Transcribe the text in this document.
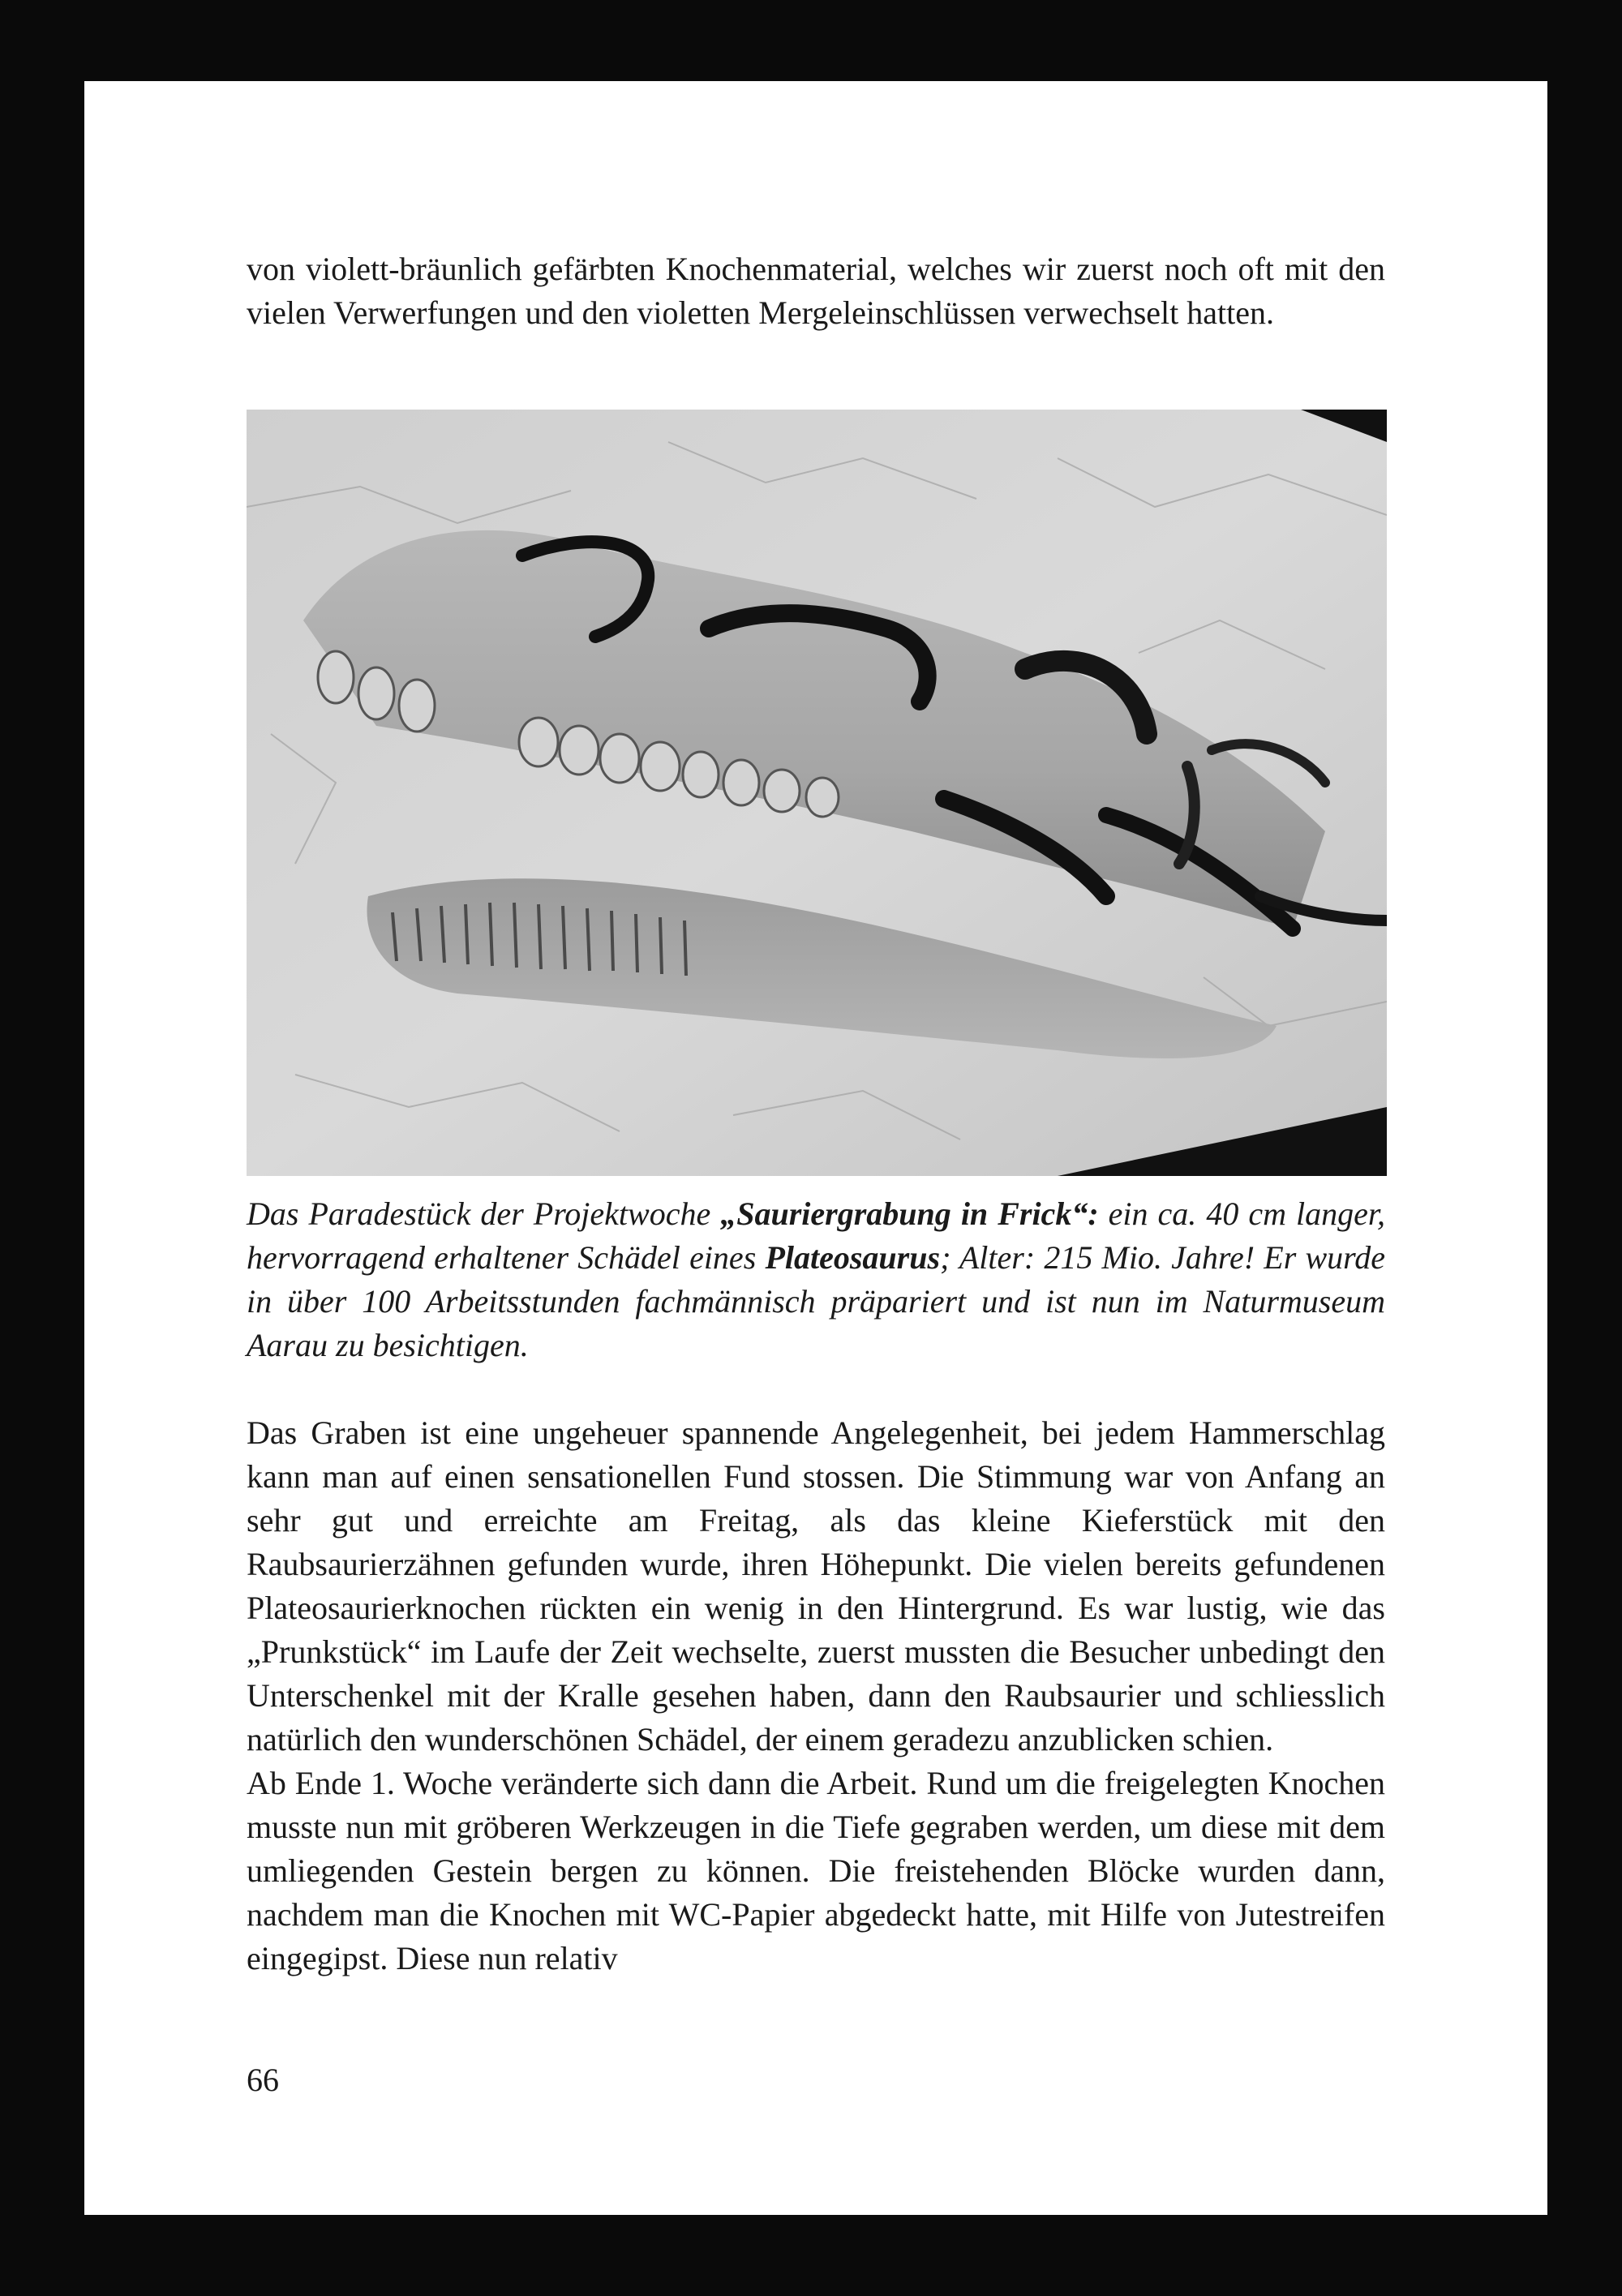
von violett-bräunlich gefärbten Knochenmaterial, welches wir zuerst noch oft mit den vielen Verwerfungen und den violetten Mergeleinschlüssen verwechselt hatten.

Das Paradestück der Projektwoche „Sauriergrabung in Frick“: ein ca. 40 cm langer, hervorragend erhaltener Schädel eines Plateosaurus; Alter: 215 Mio. Jahre! Er wurde in über 100 Arbeitsstunden fachmännisch präpariert und ist nun im Naturmuseum Aarau zu besichtigen.

Das Graben ist eine ungeheuer spannende Angelegenheit, bei jedem Hammerschlag kann man auf einen sensationellen Fund stossen. Die Stimmung war von Anfang an sehr gut und erreichte am Freitag, als das kleine Kieferstück mit den Raubsaurierzähnen gefunden wurde, ihren Höhepunkt. Die vielen bereits gefundenen Plateosaurierknochen rückten ein wenig in den Hintergrund. Es war lustig, wie das „Prunkstück“ im Laufe der Zeit wechselte, zuerst mussten die Besucher unbedingt den Unterschenkel mit der Kralle gesehen haben, dann den Raubsaurier und schliesslich natürlich den wunderschönen Schädel, der einem geradezu anzublicken schien.

Ab Ende 1. Woche veränderte sich dann die Arbeit. Rund um die freigelegten Knochen musste nun mit gröberen Werkzeugen in die Tiefe gegraben werden, um diese mit dem umliegenden Gestein bergen zu können. Die freistehenden Blöcke wurden dann, nachdem man die Knochen mit WC-Papier abgedeckt hatte, mit Hilfe von Jutestreifen eingegipst. Diese nun relativ

66
